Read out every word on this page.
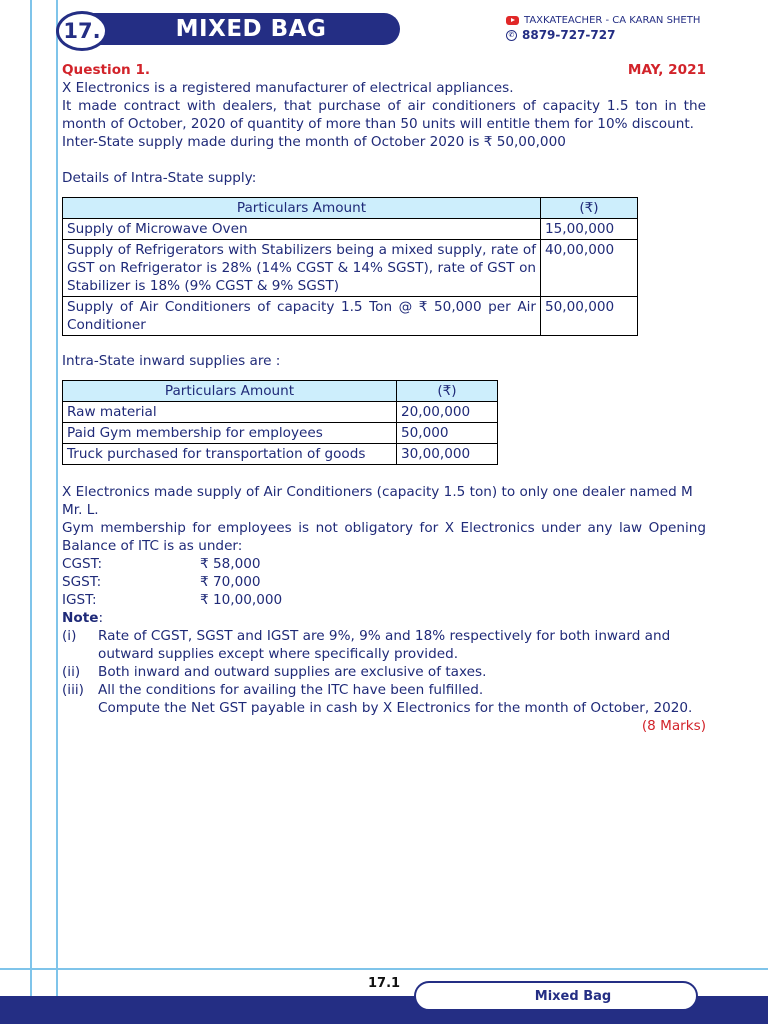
17.	MIXED BAG	TAXKATEACHER - CA KARAN SHETH
✆ 8879-727-727
Question 1.	MAY, 2021

X Electronics is a registered manufacturer of electrical appliances.

It made contract with dealers, that purchase of air conditioners of capacity 1.5 ton in the month of October, 2020 of quantity of more than 50 units will entitle them for 10% discount.

Inter-State supply made during the month of October 2020 is ₹ 50,00,000

Details of Intra-State supply:

Particulars Amount	(₹)
Supply of Microwave Oven	15,00,000
Supply of Refrigerators with Stabilizers being a mixed supply, rate of GST on Refrigerator is 28% (14% CGST & 14% SGST), rate of GST on Stabilizer is 18% (9% CGST & 9% SGST)	40,00,000
Supply of Air Conditioners of capacity 1.5 Ton @ ₹ 50,000 per Air Conditioner	50,00,000

Intra-State inward supplies are :

Particulars Amount	(₹)
Raw material	20,00,000
Paid Gym membership for employees	50,000
Truck purchased for transportation of goods	30,00,000

X Electronics made supply of Air Conditioners (capacity 1.5 ton) to only one dealer named M Mr. L.

Gym membership for employees is not obligatory for X Electronics under any law Opening Balance of ITC is as under:

CGST:	₹ 58,000
SGST:	₹ 70,000
IGST:	₹ 10,00,000
Note:
(i)	Rate of CGST, SGST and IGST are 9%, 9% and 18% respectively for both inward and outward supplies except where specifically provided.
(ii)	Both inward and outward supplies are exclusive of taxes.
(iii)	All the conditions for availing the ITC have been fulfilled.
Compute the Net GST payable in cash by X Electronics for the month of October, 2020.
(8 Marks)
17.1
Mixed Bag
